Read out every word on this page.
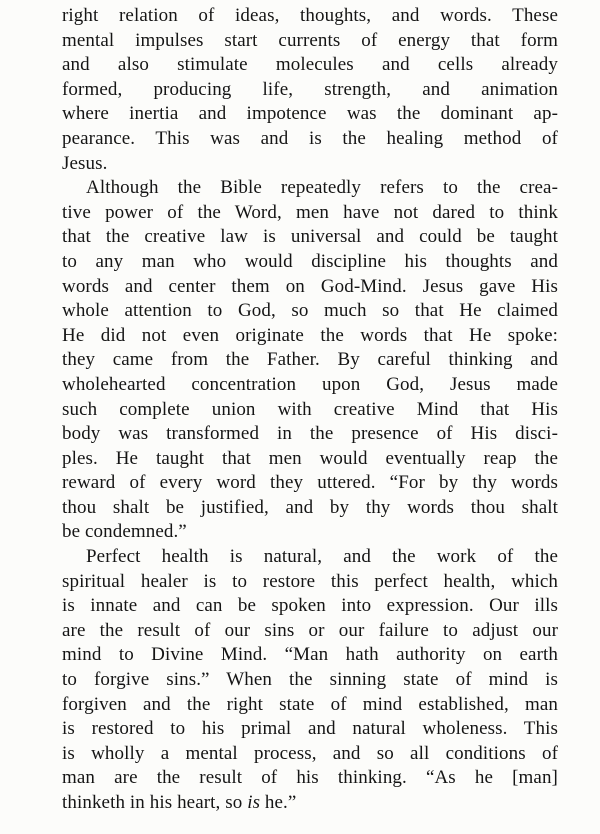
right relation of ideas, thoughts, and words. These
mental impulses start currents of energy that form
and also stimulate molecules and cells already
formed, producing life, strength, and animation
where inertia and impotence was the dominant ap-
pearance. This was and is the healing method of
Jesus.
Although the Bible repeatedly refers to the crea-
tive power of the Word, men have not dared to think
that the creative law is universal and could be taught
to any man who would discipline his thoughts and
words and center them on God-Mind. Jesus gave His
whole attention to God, so much so that He claimed
He did not even originate the words that He spoke:
they came from the Father. By careful thinking and
wholehearted concentration upon God, Jesus made
such complete union with creative Mind that His
body was transformed in the presence of His disci-
ples. He taught that men would eventually reap the
reward of every word they uttered. “For by thy words
thou shalt be justified, and by thy words thou shalt
be condemned.”
Perfect health is natural, and the work of the
spiritual healer is to restore this perfect health, which
is innate and can be spoken into expression. Our ills
are the result of our sins or our failure to adjust our
mind to Divine Mind. “Man hath authority on earth
to forgive sins.” When the sinning state of mind is
forgiven and the right state of mind established, man
is restored to his primal and natural wholeness. This
is wholly a mental process, and so all conditions of
man are the result of his thinking. “As he [man]
thinketh in his heart, so is he.”
